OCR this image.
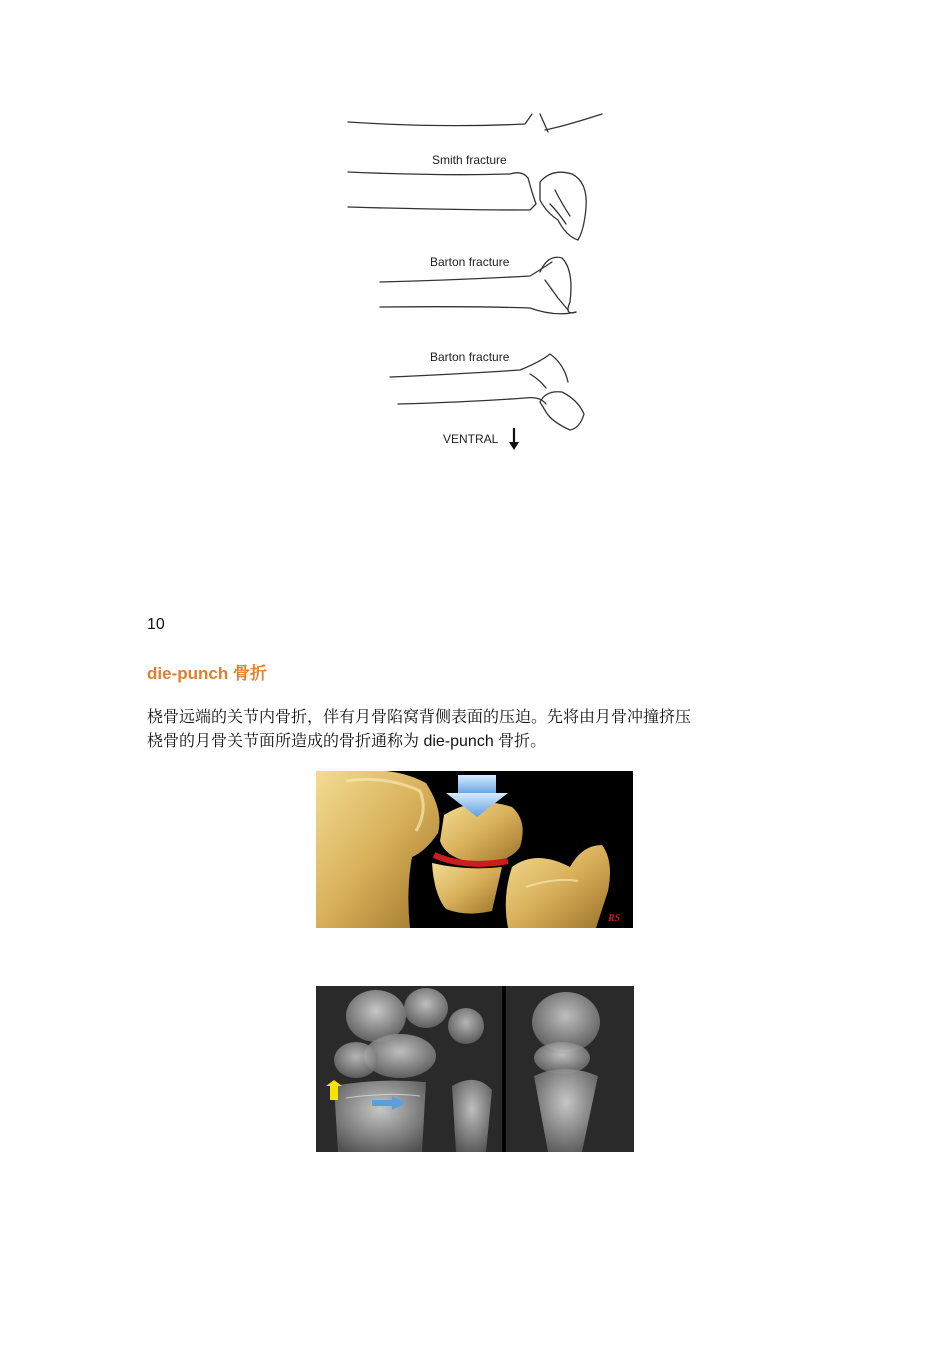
Smith fracture
Barton fracture
Barton fracture
VENTRAL
10
die-punch 骨折

桡骨远端的关节内骨折，伴有月骨陷窝背侧表面的压迫。先将由月骨冲撞挤压

桡骨的月骨关节面所造成的骨折通称为 die-punch 骨折。

RS
